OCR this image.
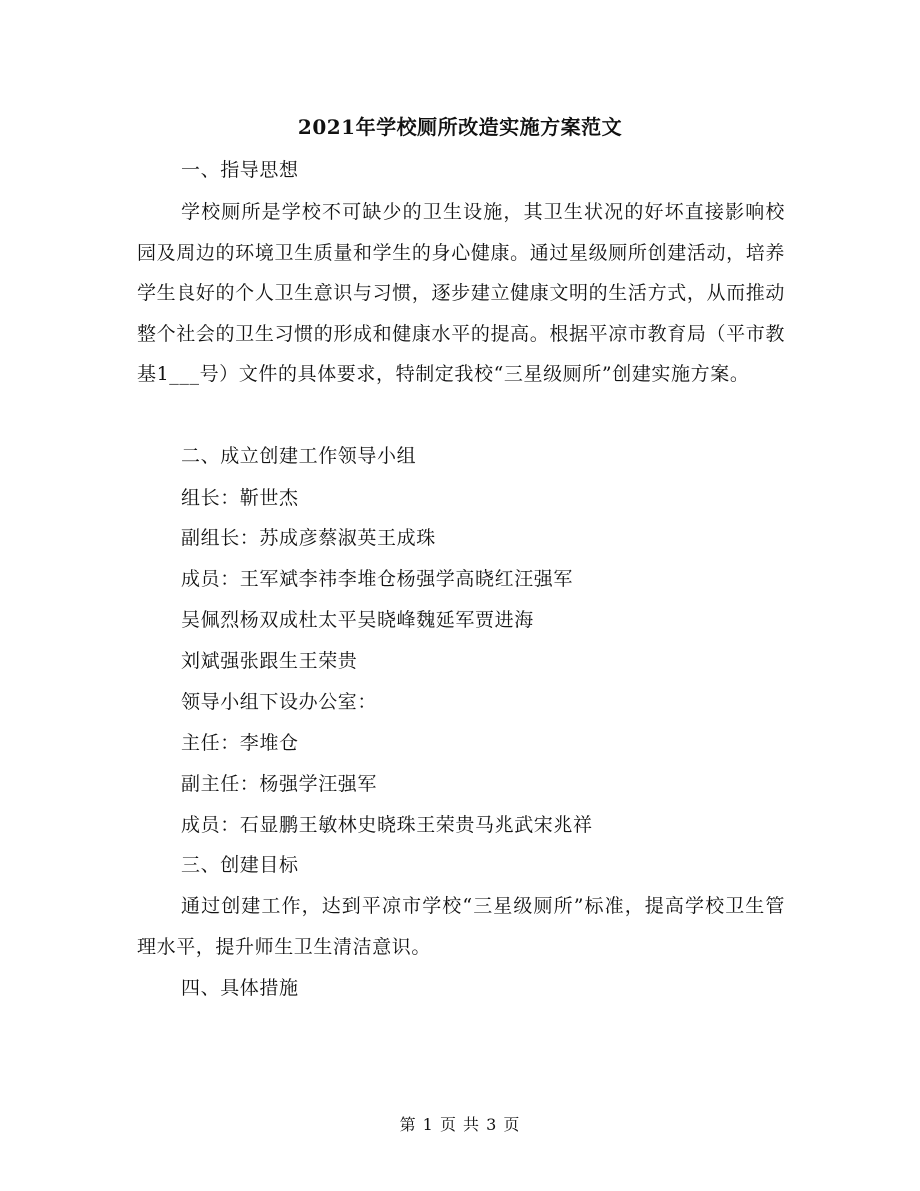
2021年学校厕所改造实施方案范文
一、指导思想
学校厕所是学校不可缺少的卫生设施，其卫生状况的好坏直接影响校园及周边的环境卫生质量和学生的身心健康。通过星级厕所创建活动，培养学生良好的个人卫生意识与习惯，逐步建立健康文明的生活方式，从而推动整个社会的卫生习惯的形成和健康水平的提高。根据平凉市教育局（平市教基1___号）文件的具体要求，特制定我校“三星级厕所”创建实施方案。
二、成立创建工作领导小组
组长：靳世杰
副组长：苏成彦蔡淑英王成珠
成员：王军斌李祎李堆仓杨强学高晓红汪强军
吴佩烈杨双成杜太平吴晓峰魏延军贾进海
刘斌强张跟生王荣贵
领导小组下设办公室：
主任：李堆仓
副主任：杨强学汪强军
成员：石显鹏王敏林史晓珠王荣贵马兆武宋兆祥
三、创建目标
通过创建工作，达到平凉市学校“三星级厕所”标准，提高学校卫生管理水平，提升师生卫生清洁意识。
四、具体措施
第 1 页 共 3 页
